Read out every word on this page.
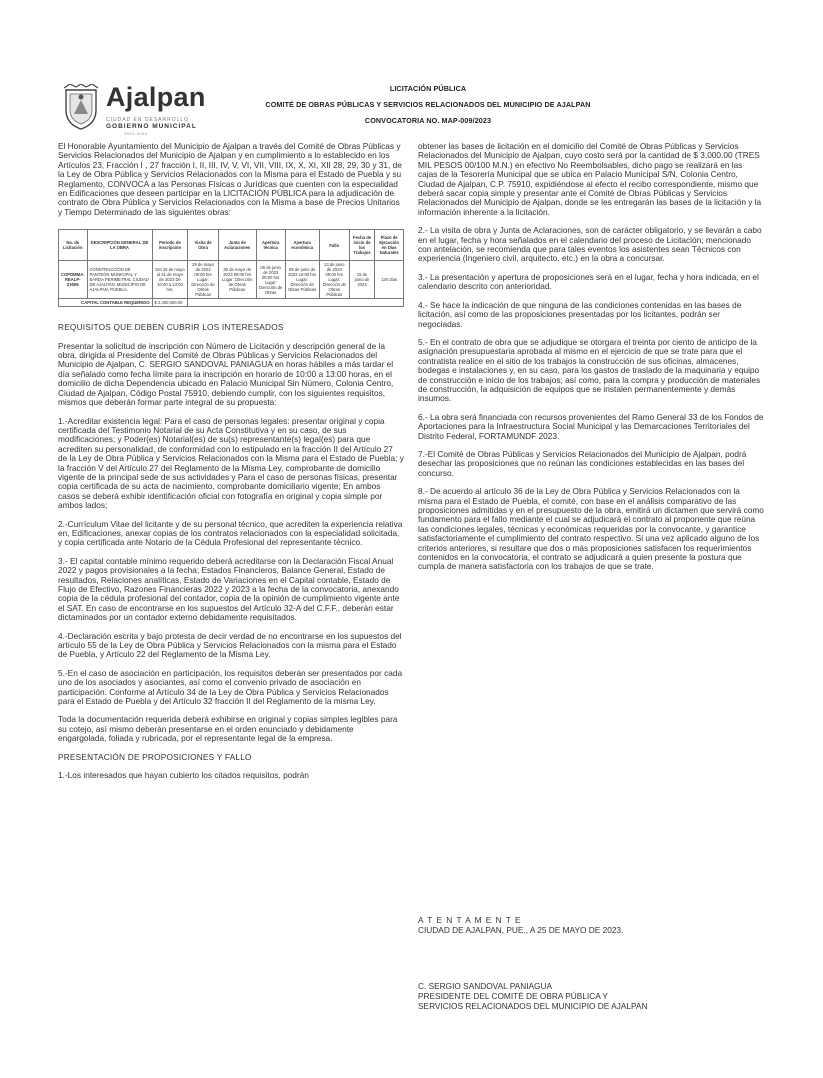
Ajalpan
CIUDAD EN DESARROLLO
GOBIERNO MUNICIPAL
2021-2024
LICITACIÓN PÚBLICA
COMITÉ DE OBRAS PÚBLICAS Y SERVICIOS RELACIONADOS DEL MUNICIPIO DE AJALPAN
CONVOCATORIA NO. MAP-009/2023

El Honorable Ayuntamiento del Municipio de Ajalpan a través del Comité de Obras Públicas y Servicios Relacionados del Municipio de Ajalpan y en cumplimiento a lo establecido en los Artículos 23, Fracción I , 27 fracción I, II, III, IV, V, VI, VII, VIII, IX, X, XI, XII 28, 29, 30 y 31, de la Ley de Obra Pública y Servicios Relacionados con la Misma para el Estado de Puebla y su Reglamento, CONVOCA a las Personas Físicas o Jurídicas que cuenten con la especialidad en Edificaciones que deseen participar en la LICITACIÓN PÚBLICA para la adjudicación de contrato de Obra Pública y Servicios Relacionados con la Misma a base de Precios Unitarios y Tiempo Determinado de las siguientes obras:

No. de Licitación	DESCRIPCIÓN GENERAL DE LA OBRA	Periodo de inscripción	Visita de Obra	Junta de Aclaraciones	Apertura técnica	Apertura económica	Fallo	Fecha de inicio de los Trabajos	Plazo de Ejecución en Días Naturales
COPDMMA-REALP-23009	CONSTRUCCIÓN DE PANTEÓN MUNICIPAL Y BARDA PERIMETRAL CIUDAD DE AJALPAN, MUNICIPIO DE AJALPAN, PUEBLA.	Del 25 de mayo al 31 de mayo de 2023 De 10:00 a 13:00 hrs.	29 de mayo de 2023 09:00 hrs Lugar: Dirección de Obras Públicas	30 de mayo de 2023 09:00 hrs Lugar: Dirección de Obras Públicas	06 de junio de 2023 09:00 hrs Lugar: Dirección de Obras	09 de junio de 2023 10:00 hrs Lugar: Dirección de Obras Públicas	13 de junio de 2023 09:00 hrs Lugar: Dirección de Obras Públicas	15 de junio de 2023	120 días
CAPITAL CONTABLE REQUERIDO		$ 2,400,000.00							

REQUISITOS QUE DEBEN CUBRIR LOS INTERESADOS

Presentar la solicitud de inscripción con Número de Licitación y descripción general de la obra, dirigida al Presidente del Comité de Obras Públicas y Servicios Relacionados del Municipio de Ajalpan, C. SERGIO SANDOVAL PANIAGUA en horas hábiles a más tardar el día señalado como fecha límite para la inscripción en horario de 10:00 a 13:00 horas, en el domicilio de dicha Dependencia ubicado en Palacio Municipal Sin Número, Colonia Centro, Ciudad de Ajalpan, Código Postal 75910, debiendo cumplir, con los siguientes requisitos, mismos que deberán formar parte integral de su propuesta:

1.-Acreditar existencia legal: Para el caso de personas legales: presentar original y copia certificada del Testimonio Notarial de su Acta Constitutiva y en su caso, de sus modificaciones; y Poder(es) Notarial(es) de su(s) representante(s) legal(es) para que acrediten su personalidad, de conformidad con lo estipulado en la fracción II del Artículo 27 de la Ley de Obra Pública y Servicios Relacionados con la Misma para el Estado de Puebla; y la fracción V del Artículo 27 del Reglamento de la Misma Ley, comprobante de domicilio vigente de la principal sede de sus actividades y Para el caso de personas físicas, presentar copia certificada de su acta de nacimiento, comprobante domiciliario vigente; En ambos casos se deberá exhibir identificación oficial con fotografía en original y copia simple por ambos lados;

2.-Currículum Vitae del licitante y de su personal técnico, que acrediten la experiencia relativa en, Edificaciones, anexar copias de los contratos relacionados con la especialidad solicitada, y copia certificada ante Notario de la Cédula Profesional del representante técnico.

3.- El capital contable mínimo requerido deberá acreditarse con la Declaración Fiscal Anual 2022 y pagos provisionales a la fecha; Estados Financieros, Balance General, Estado de resultados, Relaciones analíticas, Estado de Variaciones en el Capital contable, Estado de Flujo de Efectivo, Razones Financieras 2022 y 2023 a la fecha de la convocatoria, anexando copia de la cédula profesional del contador, copia de la opinión de cumplimiento vigente ante el SAT. En caso de encontrarse en los supuestos del Artículo 32-A del C.F.F., deberán estar dictaminados por un contador externo debidamente requisitados.

4.-Declaración escrita y bajo protesta de decir verdad de no encontrarse en los supuestos del artículo 55 de la Ley de Obra Pública y Servicios Relacionados con la misma para el Estado de Puebla, y Artículo 22 del Reglamento de la Misma Ley.

5.-En el caso de asociación en participación, los requisitos deberán ser presentados por cada uno de los asociados y asociantes, así como el convenio privado de asociación en participación. Conforme al Artículo 34 de la Ley de Obra Pública y Servicios Relacionados para el Estado de Puebla y del Artículo 32 fracción II del Reglamento de la misma Ley.

Toda la documentación requerida deberá exhibirse en original y copias simples legibles para su cotejo, así mismo deberán presentarse en el orden enunciado y debidamente engargolada, foliada y rubricada, por el representante legal de la empresa.

PRESENTACIÓN DE PROPOSICIONES Y FALLO

1.-Los interesados que hayan cubierto los citados requisitos, podrán

obtener las bases de licitación en el domicilio del Comité de Obras Públicas y Servicios Relacionados del Municipio de Ajalpan, cuyo costo será por la cantidad de $ 3,000.00 (TRES MIL PESOS 00/100 M.N.) en efectivo No Reembolsables, dicho pago se realizará en las cajas de la Tesorería Municipal que se ubica en Palacio Municipal S/N, Colonia Centro, Ciudad de Ajalpan, C.P. 75910, expidiéndose al efecto el recibo correspondiente, mismo que deberá sacar copia simple y presentar ante el Comité de Obras Públicas y Servicios Relacionados del Municipio de Ajalpan, donde se les entregarán las bases de la licitación y la información inherente a la licitación.

2.- La visita de obra y Junta de Aclaraciones, son de carácter obligatorio, y se llevarán a cabo en el lugar, fecha y hora señalados en el calendario del proceso de Licitación; mencionado con antelación, se recomienda que para tales eventos los asistentes sean Técnicos con experiencia (Ingeniero civil, arquitecto, etc.) en la obra a concursar.

3.- La presentación y apertura de proposiciones será en el lugar, fecha y hora indicada, en el calendario descrito con anterioridad.

4.- Se hace la indicación de que ninguna de las condiciones contenidas en las bases de licitación, así como de las proposiciones presentadas por los licitantes, podrán ser negociadas.

5.- En el contrato de obra que se adjudique se otorgara el treinta por ciento de anticipo de la asignación presupuestaria aprobada al mismo en el ejercicio de que se trate para que el contratista realice en el sitio de los trabajos la construcción de sus oficinas, almacenes, bodegas e instalaciones y, en su caso, para los gastos de traslado de la maquinaria y equipo de construcción e inicio de los trabajos; así como, para la compra y producción de materiales de construcción, la adquisición de equipos que se instalen permanentemente y demás insumos.

6.- La obra será financiada con recursos provenientes del Ramo General 33 de los Fondos de Aportaciones para la Infraestructura Social Municipal y las Demarcaciones Territoriales del Distrito Federal, FORTAMUNDF 2023.

7.-El Comité de Obras Públicas y Servicios Relacionados del Municipio de Ajalpan, podrá desechar las proposiciones que no reúnan las condiciones establecidas en las bases del concurso.

8.- De acuerdo al artículo 36 de la Ley de Obra Pública y Servicios Relacionados con la misma para el Estado de Puebla, el comité, con base en el análisis comparativo de las proposiciones admitidas y en el presupuesto de la obra, emitirá un dictamen que servirá como fundamento para el fallo mediante el cual se adjudicará el contrato al proponente que reúna las condiciones legales, técnicas y económicas requeridas por la convocante, y garantice satisfactoriamente el cumplimiento del contrato respectivo. Si una vez aplicado alguno de los criterios anteriores, si resultare que dos o más proposiciones satisfacen los requerimientos contenidos en la convocatoria, el contrato se adjudicará a quien presente la postura que cumpla de manera satisfactoria con los trabajos de que se trate.

A T E N T A M E N T E
CIUDAD DE AJALPAN, PUE., A 25 DE MAYO DE 2023.
C. SERGIO SANDOVAL PANIAGUA
PRESIDENTE DEL COMITÉ DE OBRA PÚBLICA Y
SERVICIOS RELACIONADOS DEL MUNICIPIO DE AJALPAN
